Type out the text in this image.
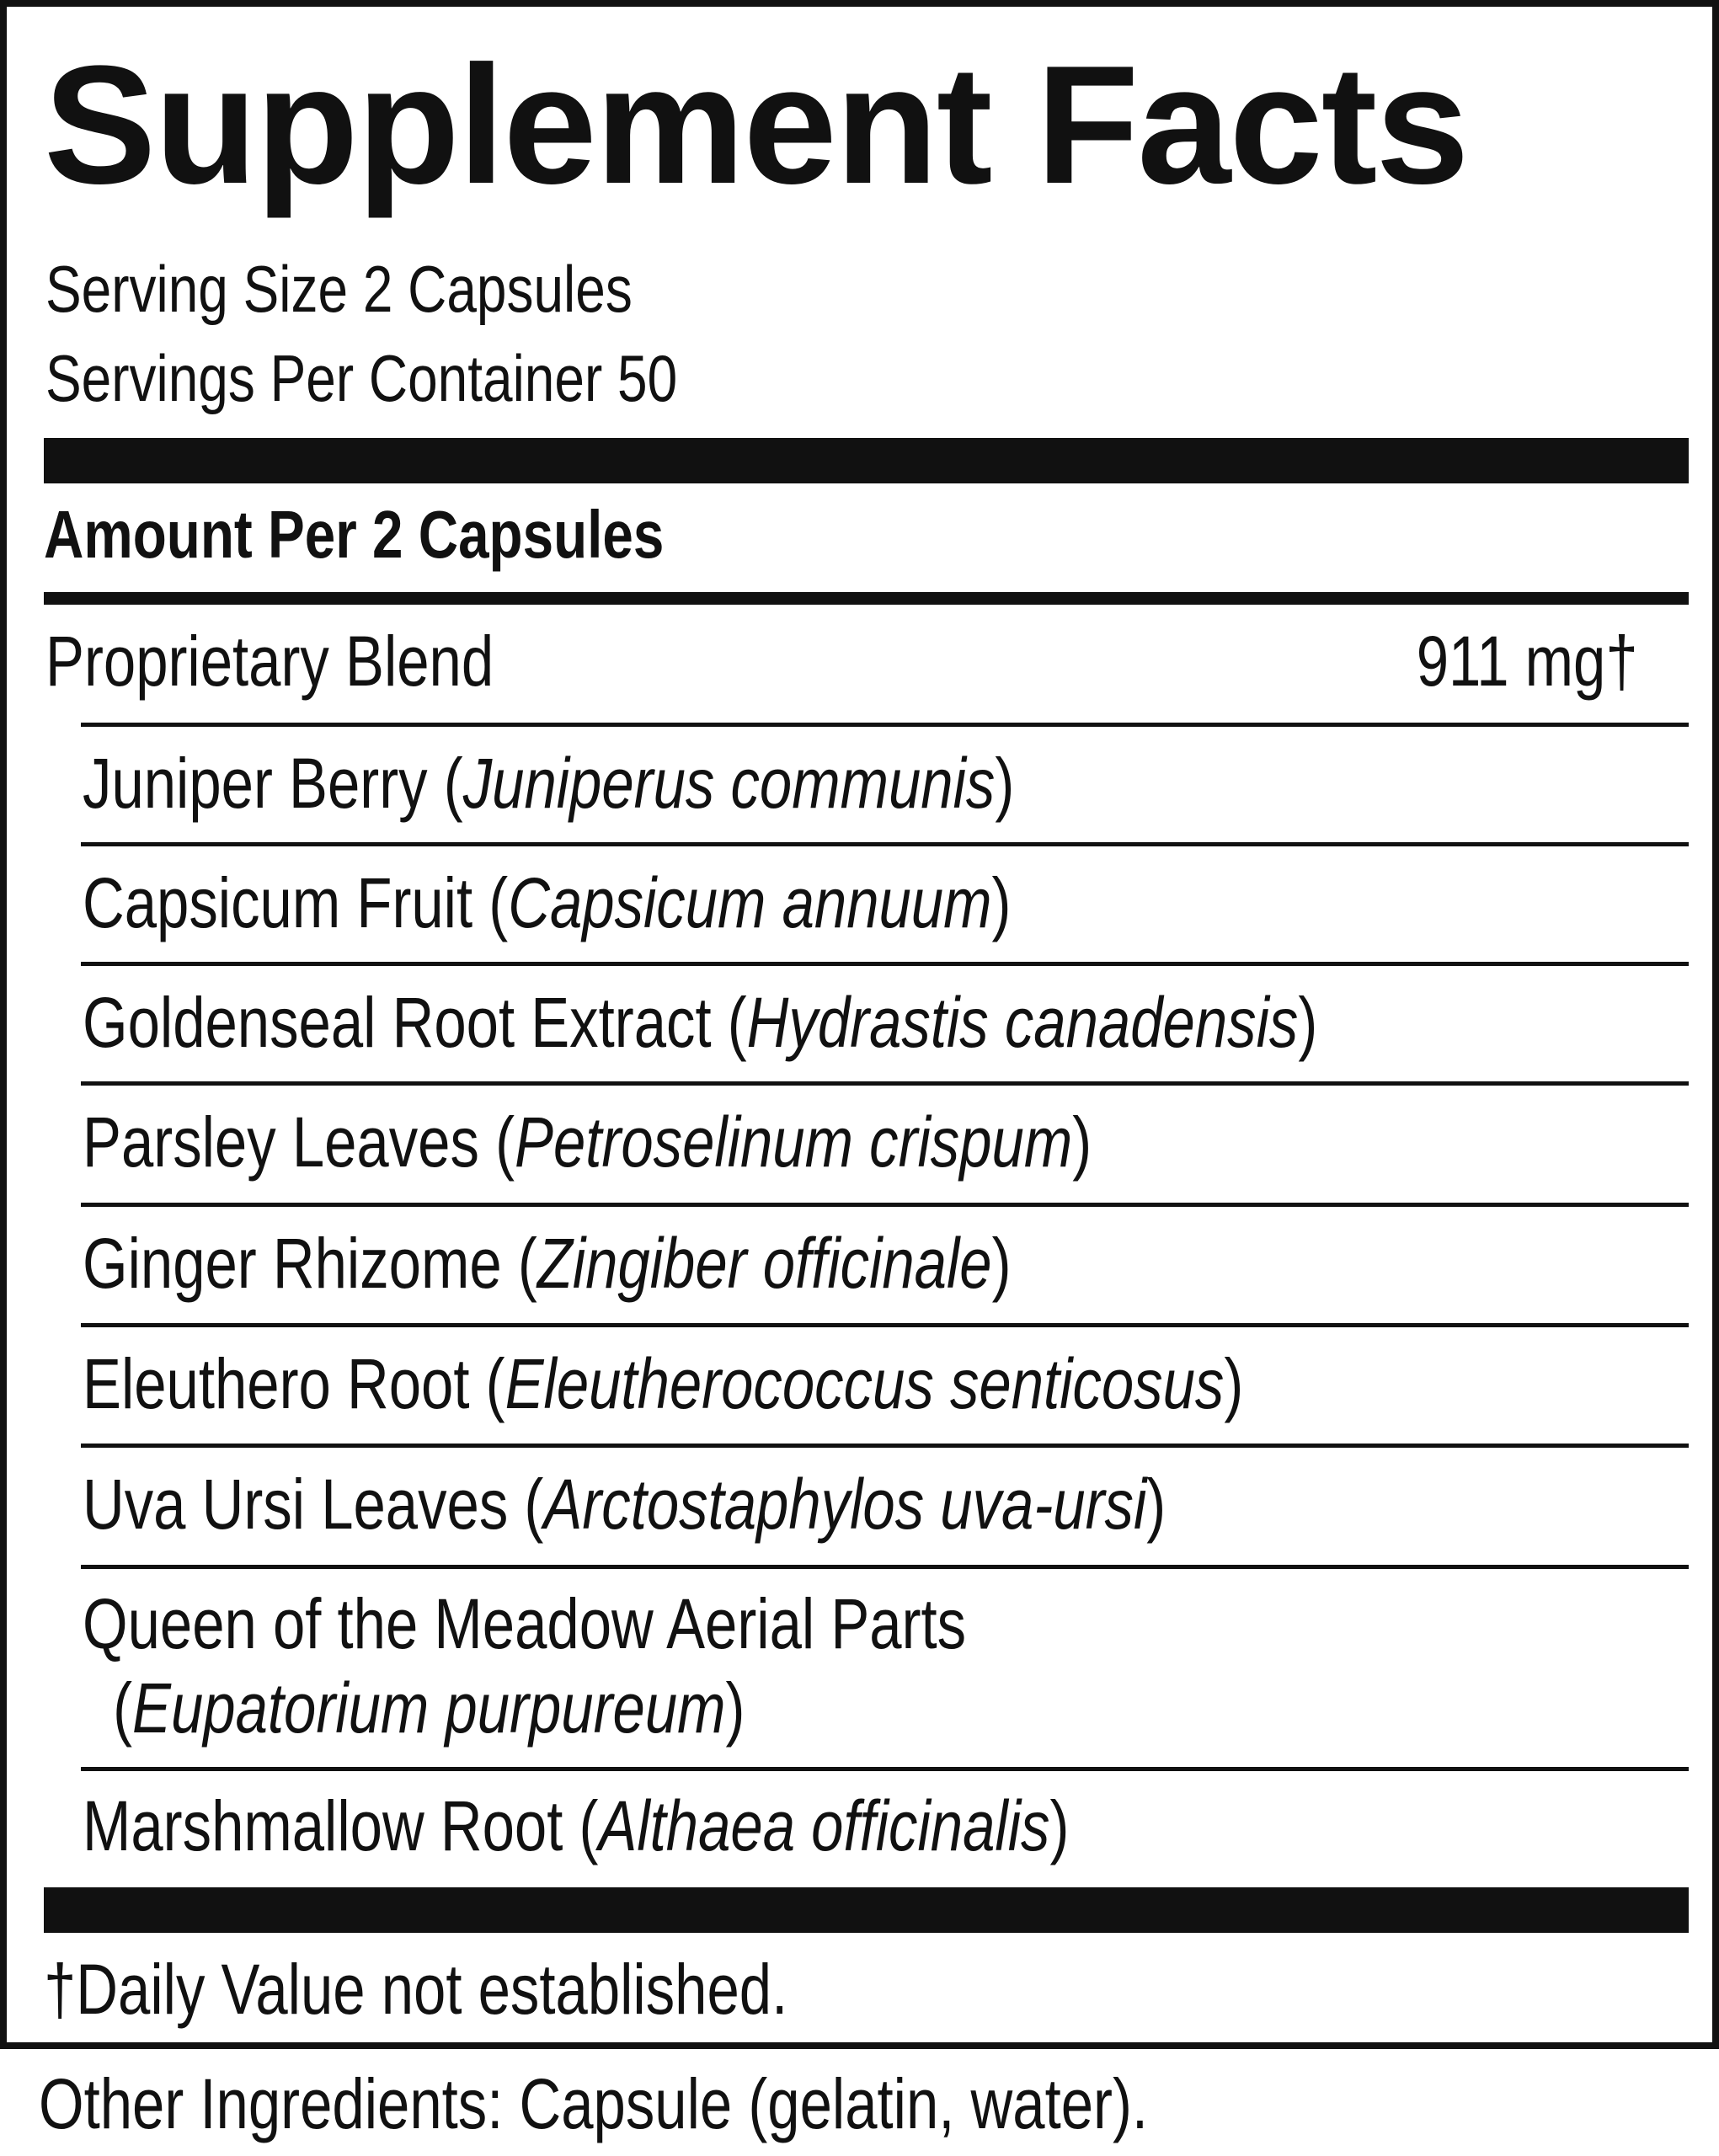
Supplement Facts
Serving Size 2 Capsules
Servings Per Container 50
Amount Per 2 Capsules
Proprietary Blend	911 mg†
Juniper Berry (Juniperus communis)
Capsicum Fruit (Capsicum annuum)
Goldenseal Root Extract (Hydrastis canadensis)
Parsley Leaves (Petroselinum crispum)
Ginger Rhizome (Zingiber officinale)
Eleuthero Root (Eleutherococcus senticosus)
Uva Ursi Leaves (Arctostaphylos uva-ursi)
Queen of the Meadow Aerial Parts
(Eupatorium purpureum)
Marshmallow Root (Althaea officinalis)
†Daily Value not established.
Other Ingredients: Capsule (gelatin, water).
